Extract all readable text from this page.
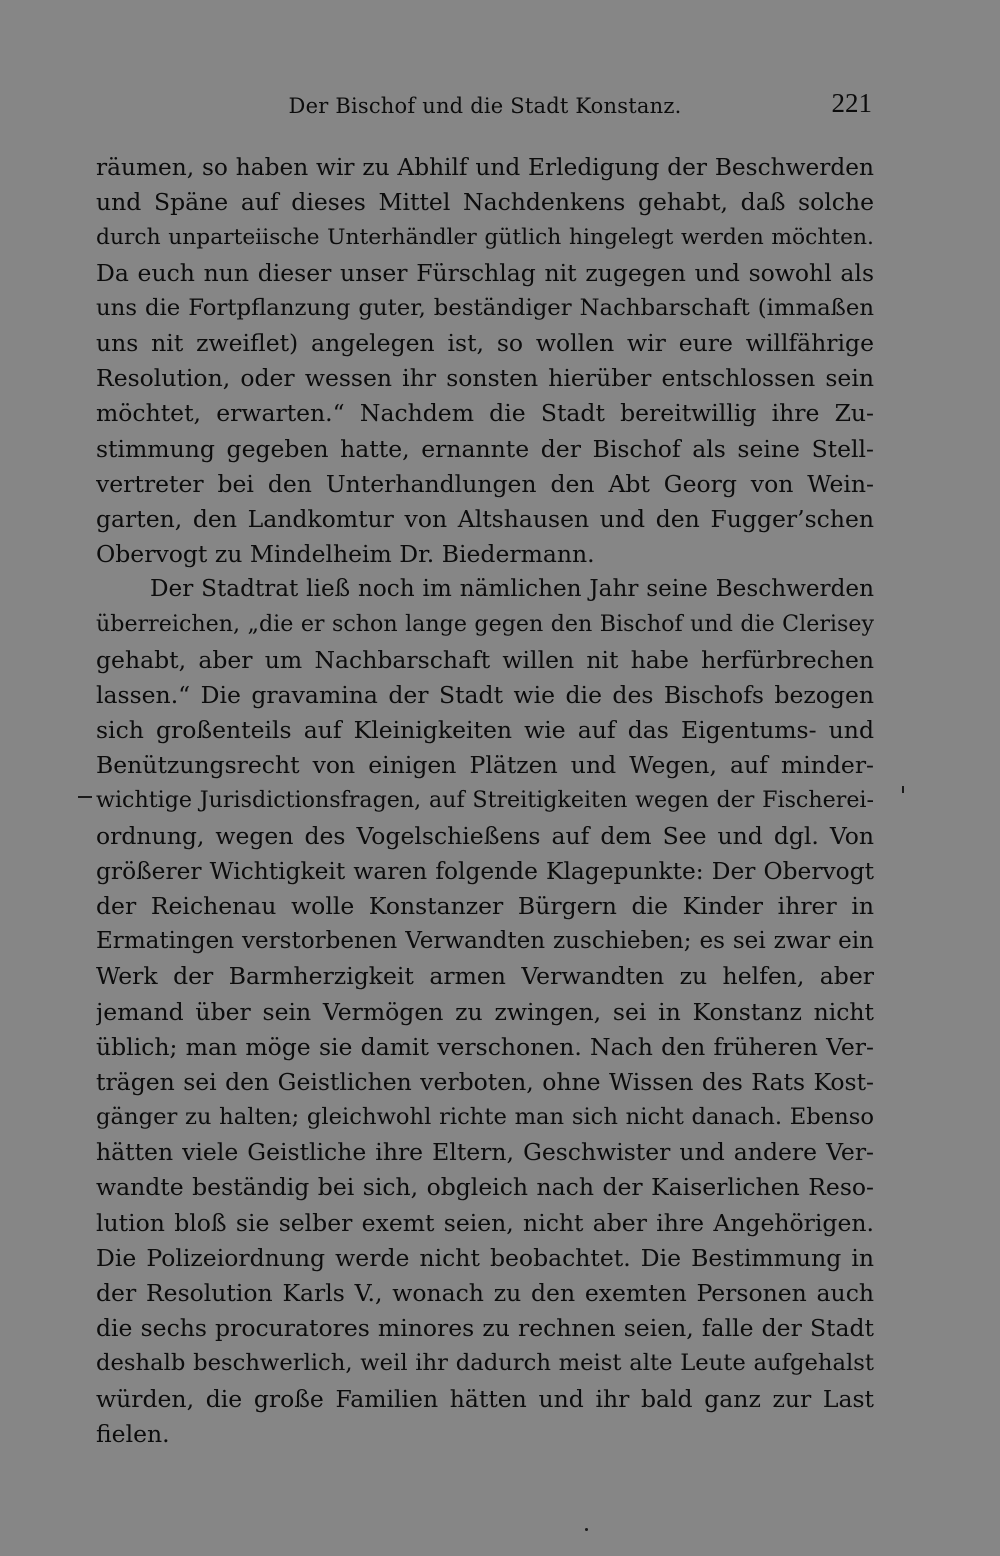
Der Bischof und die Stadt Konstanz.	221
räumen, so haben wir zu Abhilf und Erledigung der Beschwerden
und Späne auf dieses Mittel Nachdenkens gehabt, daß solche
durch unparteiische Unterhändler gütlich hingelegt werden möchten.
Da euch nun dieser unser Fürschlag nit zugegen und sowohl als
uns die Fortpflanzung guter, beständiger Nachbarschaft (immaßen
uns nit zweiflet) angelegen ist, so wollen wir eure willfährige
Resolution, oder wessen ihr sonsten hierüber entschlossen sein
möchtet, erwarten.“ Nachdem die Stadt bereitwillig ihre Zu-
stimmung gegeben hatte, ernannte der Bischof als seine Stell-
vertreter bei den Unterhandlungen den Abt Georg von Wein-
garten, den Landkomtur von Altshausen und den Fugger’schen
Obervogt zu Mindelheim Dr. Biedermann.
Der Stadtrat ließ noch im nämlichen Jahr seine Beschwerden
überreichen, „die er schon lange gegen den Bischof und die Clerisey
gehabt, aber um Nachbarschaft willen nit habe herfürbrechen
lassen.“ Die gravamina der Stadt wie die des Bischofs bezogen
sich großenteils auf Kleinigkeiten wie auf das Eigentums- und
Benützungsrecht von einigen Plätzen und Wegen, auf minder-
wichtige Jurisdictionsfragen, auf Streitigkeiten wegen der Fischerei-
ordnung, wegen des Vogelschießens auf dem See und dgl. Von
größerer Wichtigkeit waren folgende Klagepunkte: Der Obervogt
der Reichenau wolle Konstanzer Bürgern die Kinder ihrer in
Ermatingen verstorbenen Verwandten zuschieben; es sei zwar ein
Werk der Barmherzigkeit armen Verwandten zu helfen, aber
jemand über sein Vermögen zu zwingen, sei in Konstanz nicht
üblich; man möge sie damit verschonen. Nach den früheren Ver-
trägen sei den Geistlichen verboten, ohne Wissen des Rats Kost-
gänger zu halten; gleichwohl richte man sich nicht danach. Ebenso
hätten viele Geistliche ihre Eltern, Geschwister und andere Ver-
wandte beständig bei sich, obgleich nach der Kaiserlichen Reso-
lution bloß sie selber exemt seien, nicht aber ihre Angehörigen.
Die Polizeiordnung werde nicht beobachtet. Die Bestimmung in
der Resolution Karls V., wonach zu den exemten Personen auch
die sechs procuratores minores zu rechnen seien, falle der Stadt
deshalb beschwerlich, weil ihr dadurch meist alte Leute aufgehalst
würden, die große Familien hätten und ihr bald ganz zur Last
fielen.
